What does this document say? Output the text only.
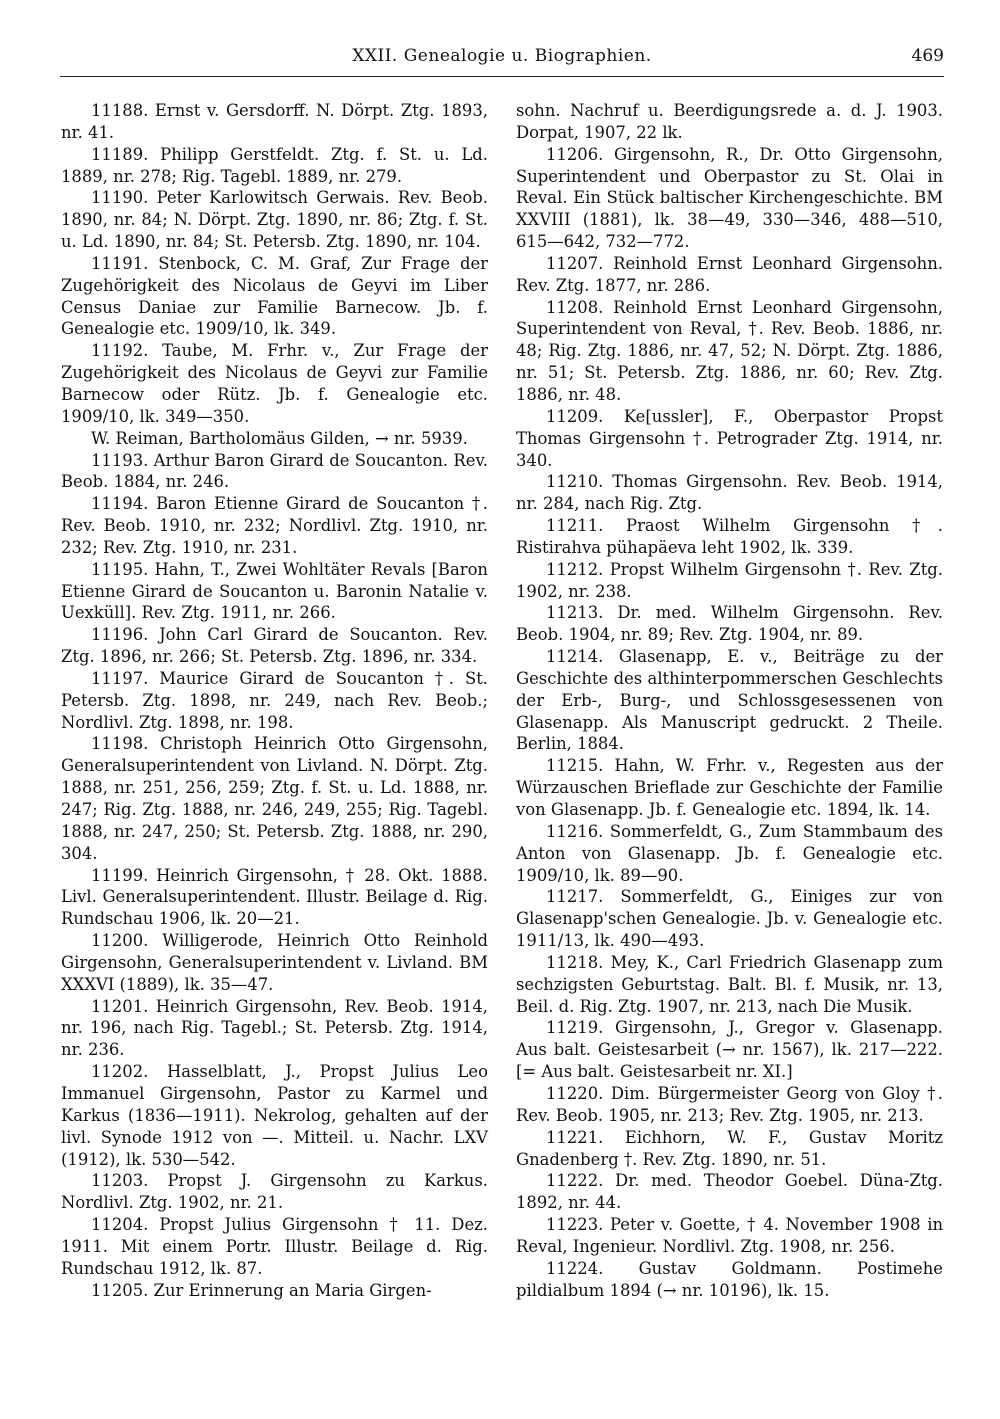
XXII. Genealogie u. Biographien.	469

11188. Ernst v. Gersdorff. N. Dörpt. Ztg. 1893, nr. 41.

11189. Philipp Gerstfeldt. Ztg. f. St. u. Ld. 1889, nr. 278; Rig. Tagebl. 1889, nr. 279.

11190. Peter Karlowitsch Gerwais. Rev. Beob. 1890, nr. 84; N. Dörpt. Ztg. 1890, nr. 86; Ztg. f. St. u. Ld. 1890, nr. 84; St. Petersb. Ztg. 1890, nr. 104.

11191. Stenbock, C. M. Graf, Zur Frage der Zugehörigkeit des Nicolaus de Geyvi im Liber Census Daniae zur Familie Barnecow. Jb. f. Genealogie etc. 1909/10, lk. 349.

11192. Taube, M. Frhr. v., Zur Frage der Zugehörigkeit des Nicolaus de Geyvi zur Familie Barnecow oder Rütz. Jb. f. Genealogie etc. 1909/10, lk. 349—350.

W. Reiman, Bartholomäus Gilden, → nr. 5939.

11193. Arthur Baron Girard de Soucanton. Rev. Beob. 1884, nr. 246.

11194. Baron Etienne Girard de Soucanton †. Rev. Beob. 1910, nr. 232; Nordlivl. Ztg. 1910, nr. 232; Rev. Ztg. 1910, nr. 231.

11195. Hahn, T., Zwei Wohltäter Revals [Baron Etienne Girard de Soucanton u. Baronin Natalie v. Uexküll]. Rev. Ztg. 1911, nr. 266.

11196. John Carl Girard de Soucanton. Rev. Ztg. 1896, nr. 266; St. Petersb. Ztg. 1896, nr. 334.

11197. Maurice Girard de Soucanton †. St. Petersb. Ztg. 1898, nr. 249, nach Rev. Beob.; Nordlivl. Ztg. 1898, nr. 198.

11198. Christoph Heinrich Otto Girgensohn, Generalsuperintendent von Livland. N. Dörpt. Ztg. 1888, nr. 251, 256, 259; Ztg. f. St. u. Ld. 1888, nr. 247; Rig. Ztg. 1888, nr. 246, 249, 255; Rig. Tagebl. 1888, nr. 247, 250; St. Petersb. Ztg. 1888, nr. 290, 304.

11199. Heinrich Girgensohn, † 28. Okt. 1888. Livl. Generalsuperintendent. Illustr. Beilage d. Rig. Rundschau 1906, lk. 20—21.

11200. Willigerode, Heinrich Otto Reinhold Girgensohn, Generalsuperintendent v. Livland. BM XXXVI (1889), lk. 35—47.

11201. Heinrich Girgensohn, Rev. Beob. 1914, nr. 196, nach Rig. Tagebl.; St. Petersb. Ztg. 1914, nr. 236.

11202. Hasselblatt, J., Propst Julius Leo Immanuel Girgensohn, Pastor zu Karmel und Karkus (1836—1911). Nekrolog, gehalten auf der livl. Synode 1912 von —. Mitteil. u. Nachr. LXV (1912), lk. 530—542.

11203. Propst J. Girgensohn zu Karkus. Nordlivl. Ztg. 1902, nr. 21.

11204. Propst Julius Girgensohn † 11. Dez. 1911. Mit einem Portr. Illustr. Beilage d. Rig. Rundschau 1912, lk. 87.

11205. Zur Erinnerung an Maria Girgen-

sohn. Nachruf u. Beerdigungsrede a. d. J. 1903. Dorpat, 1907, 22 lk.

11206. Girgensohn, R., Dr. Otto Girgensohn, Superintendent und Oberpastor zu St. Olai in Reval. Ein Stück baltischer Kirchengeschichte. BM XXVIII (1881), lk. 38—49, 330—346, 488—510, 615—642, 732—772.

11207. Reinhold Ernst Leonhard Girgensohn. Rev. Ztg. 1877, nr. 286.

11208. Reinhold Ernst Leonhard Girgensohn, Superintendent von Reval, †. Rev. Beob. 1886, nr. 48; Rig. Ztg. 1886, nr. 47, 52; N. Dörpt. Ztg. 1886, nr. 51; St. Petersb. Ztg. 1886, nr. 60; Rev. Ztg. 1886, nr. 48.

11209. Ke[ussler], F., Oberpastor Propst Thomas Girgensohn †. Petrograder Ztg. 1914, nr. 340.

11210. Thomas Girgensohn. Rev. Beob. 1914, nr. 284, nach Rig. Ztg.

11211. Praost Wilhelm Girgensohn †. Ristirahva pühapäeva leht 1902, lk. 339.

11212. Propst Wilhelm Girgensohn †. Rev. Ztg. 1902, nr. 238.

11213. Dr. med. Wilhelm Girgensohn. Rev. Beob. 1904, nr. 89; Rev. Ztg. 1904, nr. 89.

11214. Glasenapp, E. v., Beiträge zu der Geschichte des althinterpommerschen Geschlechts der Erb-, Burg-, und Schlossgesessenen von Glasenapp. Als Manuscript gedruckt. 2 Theile. Berlin, 1884.

11215. Hahn, W. Frhr. v., Regesten aus der Würzauschen Brieflade zur Geschichte der Familie von Glasenapp. Jb. f. Genealogie etc. 1894, lk. 14.

11216. Sommerfeldt, G., Zum Stammbaum des Anton von Glasenapp. Jb. f. Genealogie etc. 1909/10, lk. 89—90.

11217. Sommerfeldt, G., Einiges zur von Glasenapp'schen Genealogie. Jb. v. Genealogie etc. 1911/13, lk. 490—493.

11218. Mey, K., Carl Friedrich Glasenapp zum sechzigsten Geburtstag. Balt. Bl. f. Musik, nr. 13, Beil. d. Rig. Ztg. 1907, nr. 213, nach Die Musik.

11219. Girgensohn, J., Gregor v. Glasenapp. Aus balt. Geistesarbeit (→ nr. 1567), lk. 217—222. [= Aus balt. Geistesarbeit nr. XI.]

11220. Dim. Bürgermeister Georg von Gloy †. Rev. Beob. 1905, nr. 213; Rev. Ztg. 1905, nr. 213.

11221. Eichhorn, W. F., Gustav Moritz Gnadenberg †. Rev. Ztg. 1890, nr. 51.

11222. Dr. med. Theodor Goebel. Düna-Ztg. 1892, nr. 44.

11223. Peter v. Goette, † 4. November 1908 in Reval, Ingenieur. Nordlivl. Ztg. 1908, nr. 256.

11224. Gustav Goldmann. Postimehe pildialbum 1894 (→ nr. 10196), lk. 15.
